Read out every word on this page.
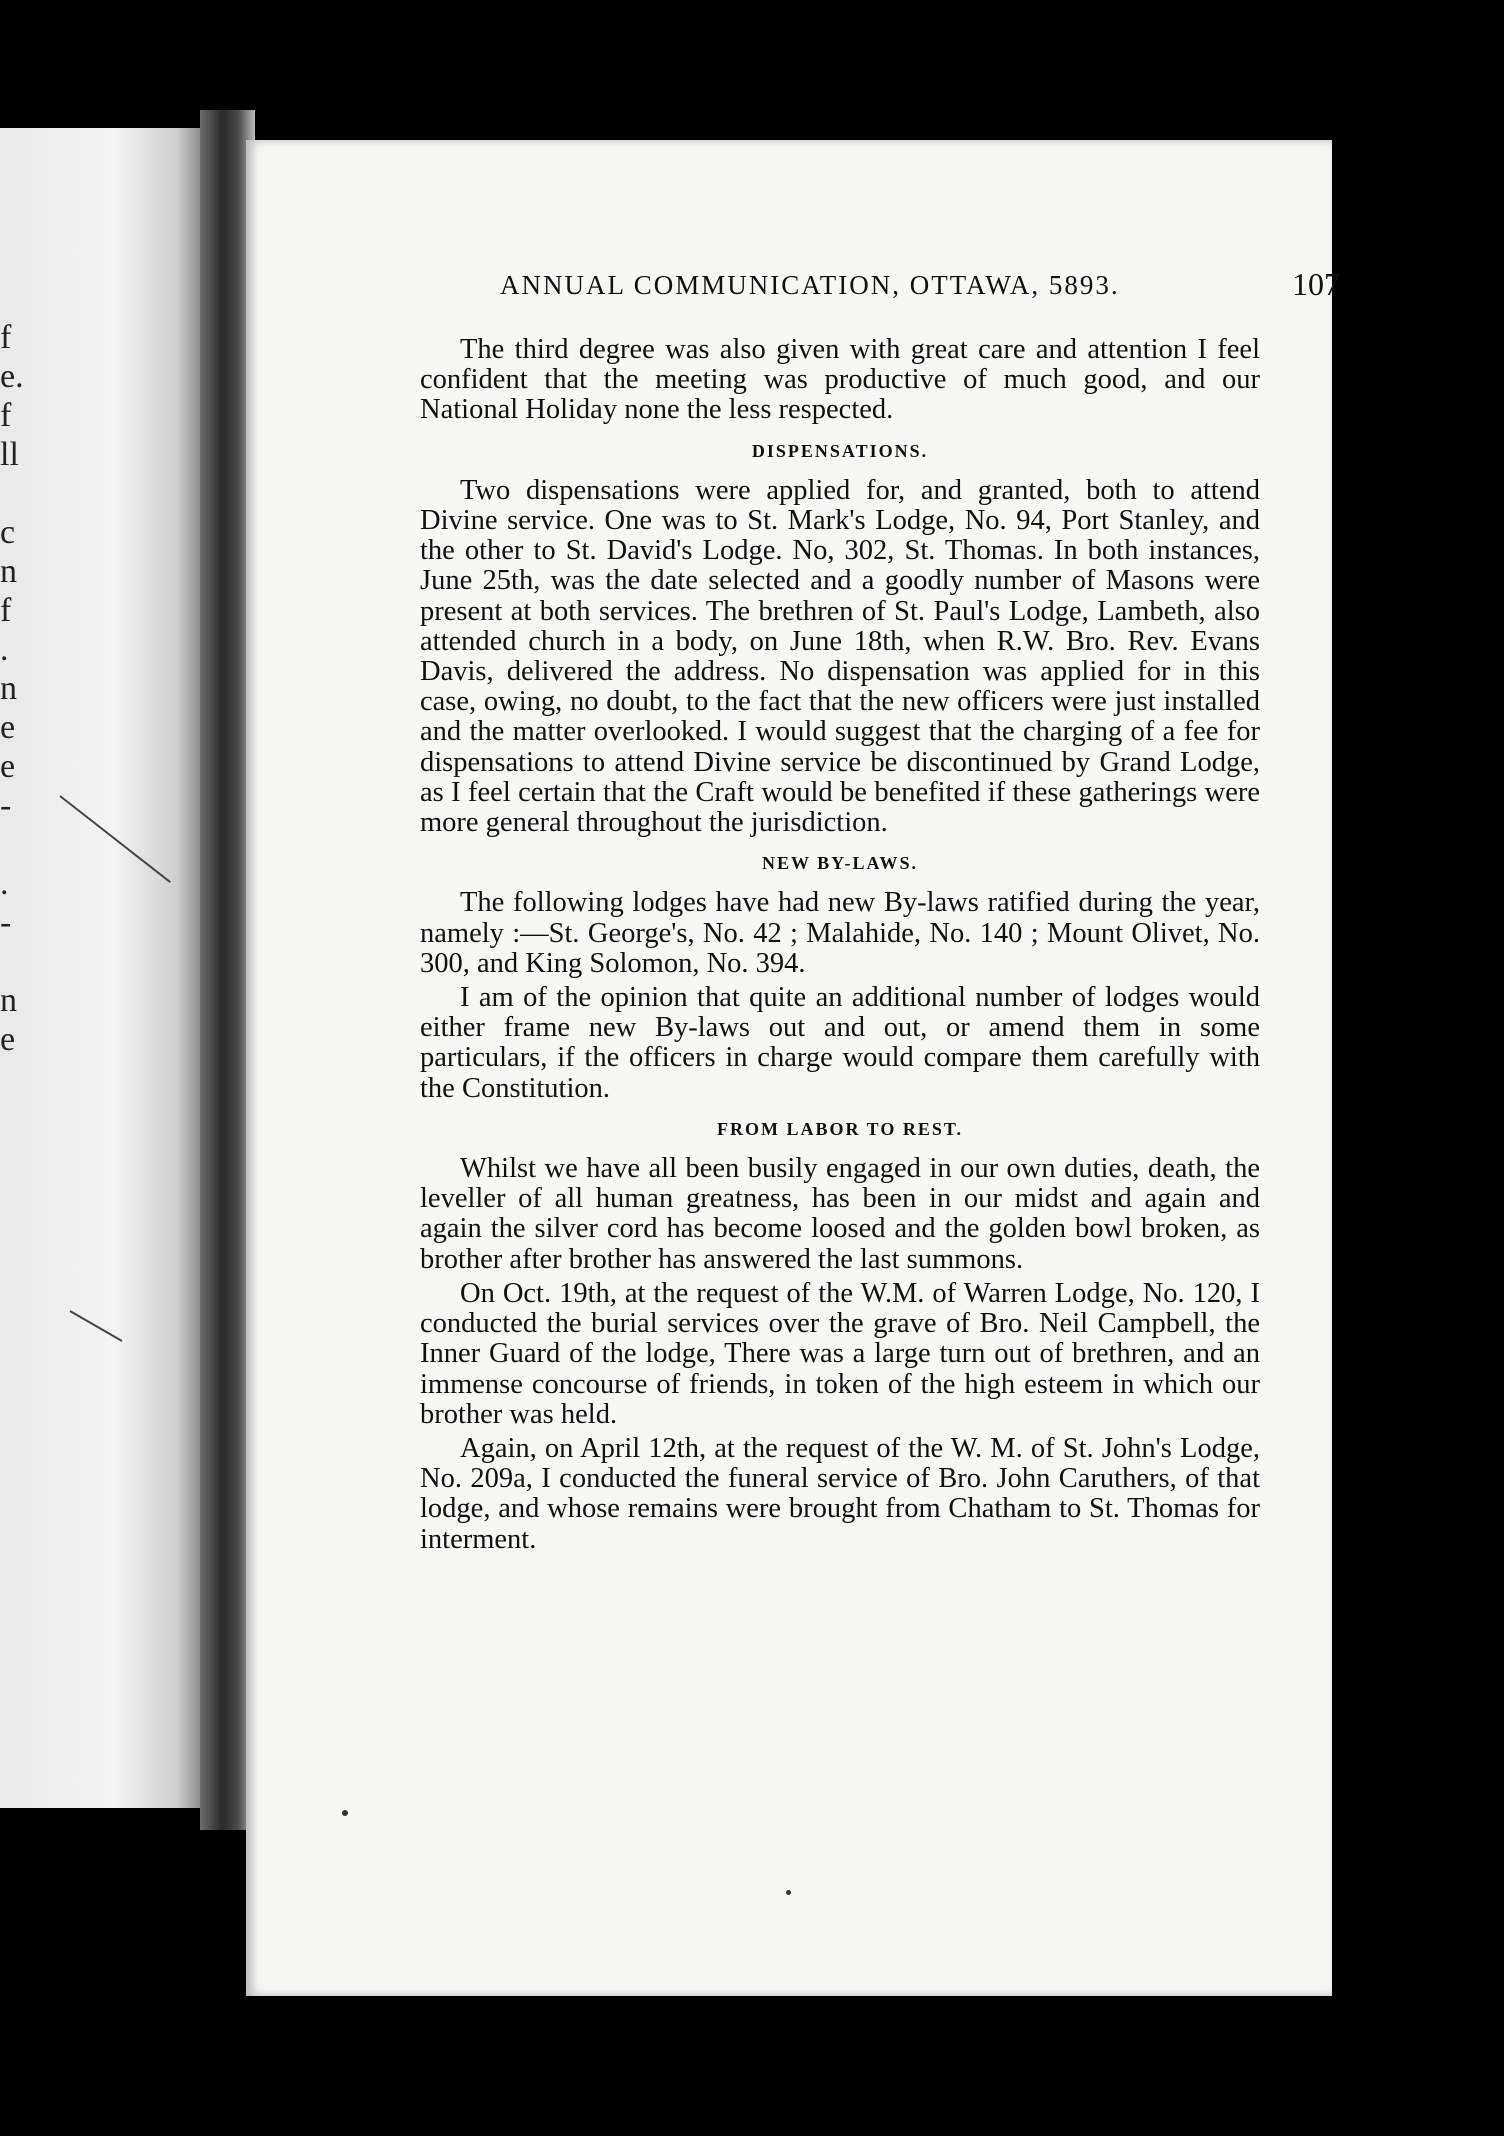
f
e.
f
ll
c
n
f
.
n
e
e
-
.
-
n
e
ANNUAL COMMUNICATION, OTTAWA, 5893.	107

The third degree was also given with great care and attention I feel confident that the meeting was productive of much good, and our National Holiday none the less respected.

DISPENSATIONS.

Two dispensations were applied for, and granted, both to attend Divine service. One was to St. Mark's Lodge, No. 94, Port Stanley, and the other to St. David's Lodge. No, 302, St. Thomas. In both instances, June 25th, was the date selected and a goodly number of Masons were present at both services. The brethren of St. Paul's Lodge, Lambeth, also attended church in a body, on June 18th, when R.W. Bro. Rev. Evans Davis, delivered the address. No dispensation was applied for in this case, owing, no doubt, to the fact that the new officers were just installed and the matter overlooked. I would suggest that the charging of a fee for dispensations to attend Divine service be discontinued by Grand Lodge, as I feel certain that the Craft would be benefited if these gatherings were more general throughout the jurisdiction.

NEW BY-LAWS.

The following lodges have had new By-laws ratified during the year, namely :—St. George's, No. 42 ; Malahide, No. 140 ; Mount Olivet, No. 300, and King Solomon, No. 394.

I am of the opinion that quite an additional number of lodges would either frame new By-laws out and out, or amend them in some particulars, if the officers in charge would compare them carefully with the Constitution.

FROM LABOR TO REST.

Whilst we have all been busily engaged in our own duties, death, the leveller of all human greatness, has been in our midst and again and again the silver cord has become loosed and the golden bowl broken, as brother after brother has answered the last summons.

On Oct. 19th, at the request of the W.M. of Warren Lodge, No. 120, I conducted the burial services over the grave of Bro. Neil Campbell, the Inner Guard of the lodge, There was a large turn out of brethren, and an immense concourse of friends, in token of the high esteem in which our brother was held.

Again, on April 12th, at the request of the W. M. of St. John's Lodge, No. 209a, I conducted the funeral service of Bro. John Caruthers, of that lodge, and whose remains were brought from Chatham to St. Thomas for interment.
